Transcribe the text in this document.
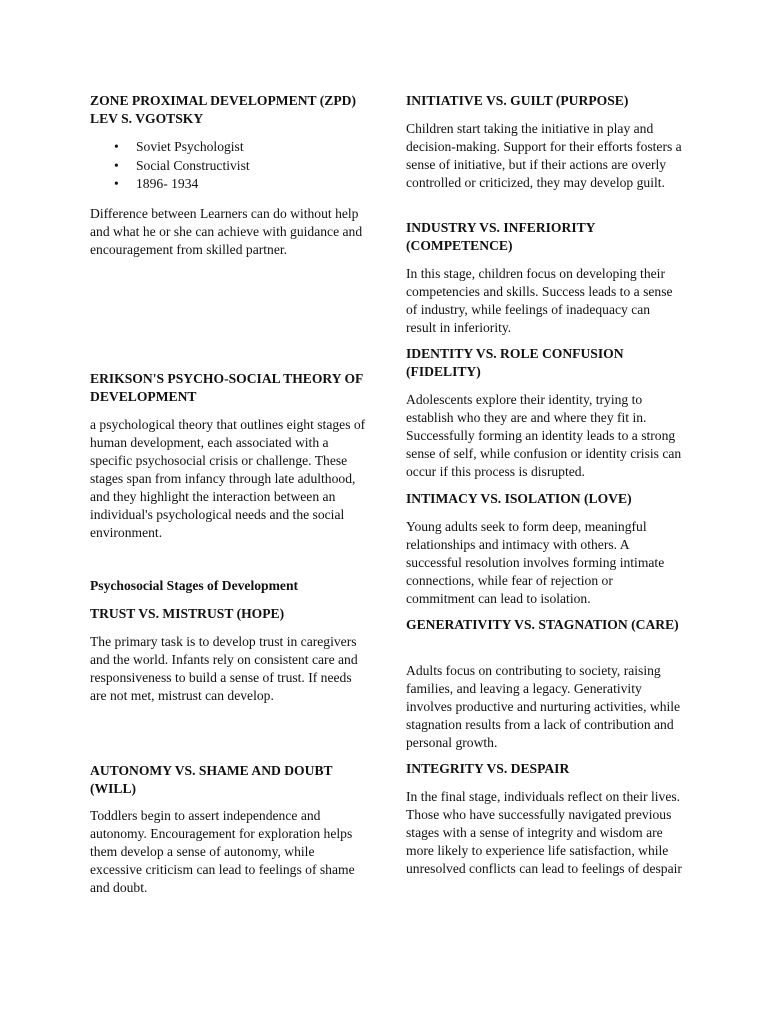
ZONE PROXIMAL DEVELOPMENT (ZPD)
LEV S. VGOTSKY
• Soviet Psychologist
• Social Constructivist
• 1896- 1934

Difference between Learners can do without help and what he or she can achieve with guidance and encouragement from skilled partner.

ERIKSON'S PSYCHO-SOCIAL THEORY OF DEVELOPMENT

a psychological theory that outlines eight stages of human development, each associated with a specific psychosocial crisis or challenge. These stages span from infancy through late adulthood, and they highlight the interaction between an individual's psychological needs and the social environment.

Psychosocial Stages of Development
TRUST VS. MISTRUST (HOPE)

The primary task is to develop trust in caregivers and the world. Infants rely on consistent care and responsiveness to build a sense of trust. If needs are not met, mistrust can develop.

AUTONOMY VS. SHAME AND DOUBT (WILL)

Toddlers begin to assert independence and autonomy. Encouragement for exploration helps them develop a sense of autonomy, while excessive criticism can lead to feelings of shame and doubt.

INITIATIVE VS. GUILT (PURPOSE)

Children start taking the initiative in play and decision-making. Support for their efforts fosters a sense of initiative, but if their actions are overly controlled or criticized, they may develop guilt.

INDUSTRY VS. INFERIORITY (COMPETENCE)

In this stage, children focus on developing their competencies and skills. Success leads to a sense of industry, while feelings of inadequacy can result in inferiority.

IDENTITY VS. ROLE CONFUSION (FIDELITY)

Adolescents explore their identity, trying to establish who they are and where they fit in. Successfully forming an identity leads to a strong sense of self, while confusion or identity crisis can occur if this process is disrupted.

INTIMACY VS. ISOLATION (LOVE)

Young adults seek to form deep, meaningful relationships and intimacy with others. A successful resolution involves forming intimate connections, while fear of rejection or commitment can lead to isolation.

GENERATIVITY VS. STAGNATION (CARE)

Adults focus on contributing to society, raising families, and leaving a legacy. Generativity involves productive and nurturing activities, while stagnation results from a lack of contribution and personal growth.

INTEGRITY VS. DESPAIR

In the final stage, individuals reflect on their lives. Those who have successfully navigated previous stages with a sense of integrity and wisdom are more likely to experience life satisfaction, while unresolved conflicts can lead to feelings of despair
